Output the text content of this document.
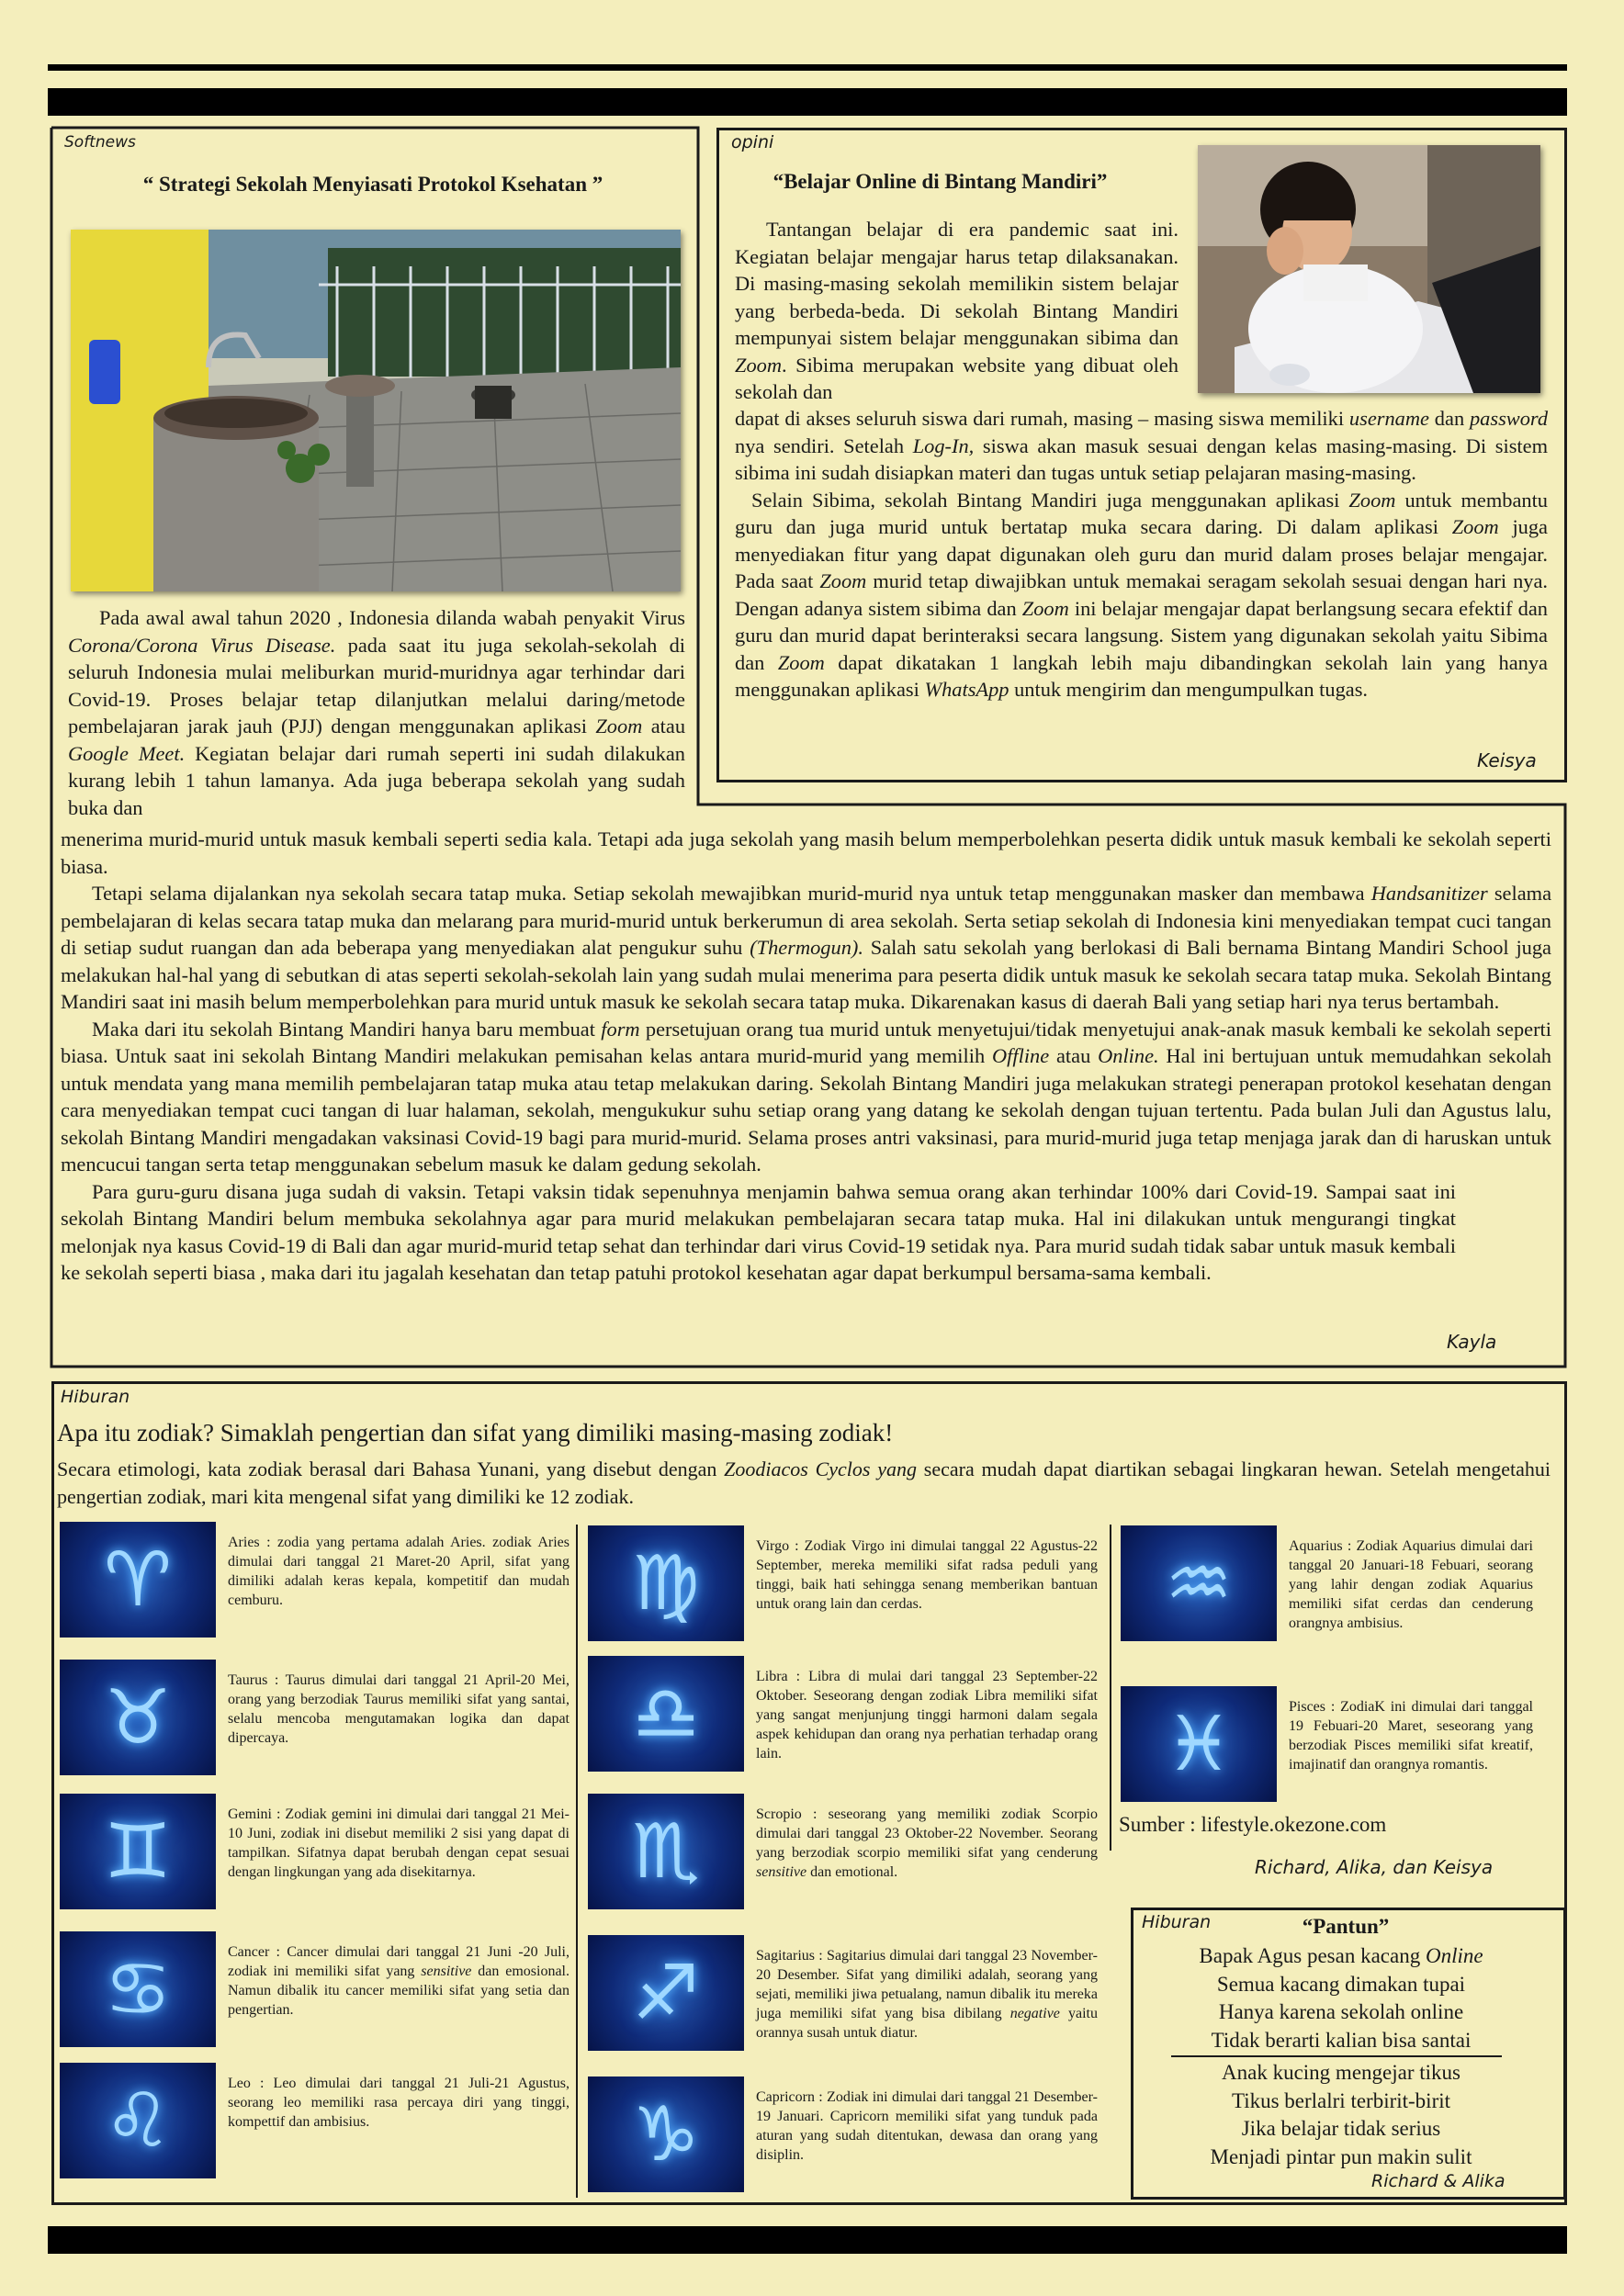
Softnews
“ Strategi Sekolah Menyiasati Protokol Ksehatan ”

Pada awal awal tahun 2020 , Indonesia dilanda wabah penyakit Virus Corona/Corona Virus Disease. pada saat itu juga sekolah-sekolah di seluruh Indonesia mulai meliburkan murid-muridnya agar terhindar dari Covid-19. Proses belajar tetap dilanjutkan melalui daring/metode pembelajaran jarak jauh (PJJ) dengan menggunakan aplikasi Zoom atau Google Meet. Kegiatan belajar dari rumah seperti ini sudah dilakukan kurang lebih 1 tahun lamanya. Ada juga beberapa sekolah yang sudah buka dan

menerima murid-murid untuk masuk kembali seperti sedia kala. Tetapi ada juga sekolah yang masih belum memperbolehkan peserta didik untuk masuk kembali ke sekolah seperti biasa.

Tetapi selama dijalankan nya sekolah secara tatap muka. Setiap sekolah mewajibkan murid-murid nya untuk tetap menggunakan masker dan membawa Handsanitizer selama pembelajaran di kelas secara tatap muka dan melarang para murid-murid untuk berkerumun di area sekolah. Serta setiap sekolah di Indonesia kini menyediakan tempat cuci tangan di setiap sudut ruangan dan ada beberapa yang menyediakan alat pengukur suhu (Thermogun). Salah satu sekolah yang berlokasi di Bali bernama Bintang Mandiri School juga melakukan hal-hal yang di sebutkan di atas seperti sekolah-sekolah lain yang sudah mulai menerima para peserta didik untuk masuk ke sekolah secara tatap muka. Sekolah Bintang Mandiri saat ini masih belum memperbolehkan para murid untuk masuk ke sekolah secara tatap muka. Dikarenakan kasus di daerah Bali yang setiap hari nya terus bertambah.

Maka dari itu sekolah Bintang Mandiri hanya baru membuat form persetujuan orang tua murid untuk menyetujui/tidak menyetujui anak-anak masuk kembali ke sekolah seperti biasa. Untuk saat ini sekolah Bintang Mandiri melakukan pemisahan kelas antara murid-murid yang memilih Offline atau Online. Hal ini bertujuan untuk memudahkan sekolah untuk mendata yang mana memilih pembelajaran tatap muka atau tetap melakukan daring. Sekolah Bintang Mandiri juga melakukan strategi penerapan protokol kesehatan dengan cara menyediakan tempat cuci tangan di luar halaman, sekolah, mengukukur suhu setiap orang yang datang ke sekolah dengan tujuan tertentu. Pada bulan Juli dan Agustus lalu, sekolah Bintang Mandiri mengadakan vaksinasi Covid-19 bagi para murid-murid. Selama proses antri vaksinasi, para murid-murid juga tetap menjaga jarak dan di haruskan untuk mencucui tangan serta tetap menggunakan sebelum masuk ke dalam gedung sekolah.

Para guru-guru disana juga sudah di vaksin. Tetapi vaksin tidak sepenuhnya menjamin bahwa semua orang akan terhindar 100% dari Covid-19. Sampai saat ini sekolah Bintang Mandiri belum membuka sekolahnya agar para murid melakukan pembelajaran secara tatap muka. Hal ini dilakukan untuk mengurangi tingkat melonjak nya kasus Covid-19 di Bali dan agar murid-murid tetap sehat dan terhindar dari virus Covid-19 setidak nya. Para murid sudah tidak sabar untuk masuk kembali ke sekolah seperti biasa , maka dari itu jagalah kesehatan dan tetap patuhi protokol kesehatan agar dapat berkumpul bersama-sama kembali.

Kayla
opini
“Belajar Online di Bintang Mandiri”

Tantangan belajar di era pandemic saat ini. Kegiatan belajar mengajar harus tetap dilaksanakan. Di masing-masing sekolah memilikin sistem belajar yang berbeda-beda. Di sekolah Bintang Mandiri mempunyai sistem belajar menggunakan sibima dan Zoom. Sibima merupakan website yang dibuat oleh sekolah dan

dapat di akses seluruh siswa dari rumah, masing – masing siswa memiliki username dan password nya sendiri. Setelah Log-In, siswa akan masuk sesuai dengan kelas masing-masing. Di sistem sibima ini sudah disiapkan materi dan tugas untuk setiap pelajaran masing-masing.

Selain Sibima, sekolah Bintang Mandiri juga menggunakan aplikasi Zoom untuk membantu guru dan juga murid untuk bertatap muka secara daring. Di dalam aplikasi Zoom juga menyediakan fitur yang dapat digunakan oleh guru dan murid dalam proses belajar mengajar. Pada saat Zoom murid tetap diwajibkan untuk memakai seragam sekolah sesuai dengan hari nya. Dengan adanya sistem sibima dan Zoom ini belajar mengajar dapat berlangsung secara efektif dan guru dan murid dapat berinteraksi secara langsung. Sistem yang digunakan sekolah yaitu Sibima dan Zoom dapat dikatakan 1 langkah lebih maju dibandingkan sekolah lain yang hanya menggunakan aplikasi WhatsApp untuk mengirim dan mengumpulkan tugas.

Keisya
Hiburan
Apa itu zodiak? Simaklah pengertian dan sifat yang dimiliki masing-masing zodiak!

Secara etimologi, kata zodiak berasal dari Bahasa Yunani, yang disebut dengan Zoodiacos Cyclos yang secara mudah dapat diartikan sebagai lingkaran hewan. Setelah mengetahui pengertian zodiak, mari kita mengenal sifat yang dimiliki ke 12 zodiak.

♈	Aries : zodia yang pertama adalah Aries. zodiak Aries dimulai dari tanggal 21 Maret-20 April, sifat yang dimiliki adalah keras kepala, kompetitif dan mudah cemburu.
♉	Taurus : Taurus dimulai dari tanggal 21 April-20 Mei, orang yang berzodiak Taurus memiliki sifat yang santai, selalu mencoba mengutamakan logika dan dapat dipercaya.
♊	Gemini : Zodiak gemini ini dimulai dari tanggal 21 Mei-10 Juni, zodiak ini disebut memiliki 2 sisi yang dapat di tampilkan. Sifatnya dapat berubah dengan cepat sesuai dengan lingkungan yang ada disekitarnya.
♋	Cancer : Cancer dimulai dari tanggal 21 Juni -20 Juli, zodiak ini memiliki sifat yang sensitive dan emosional. Namun dibalik itu cancer memiliki sifat yang setia dan pengertian.
♌	Leo : Leo dimulai dari tanggal 21 Juli-21 Agustus, seorang leo memiliki rasa percaya diri yang tinggi, kompettif dan ambisius.
♍	Virgo : Zodiak Virgo ini dimulai tanggal 22 Agustus-22 September, mereka memiliki sifat radsa peduli yang tinggi, baik hati sehingga senang memberikan bantuan untuk orang lain dan cerdas.
♎	Libra : Libra di mulai dari tanggal 23 September-22 Oktober. Seseorang dengan zodiak Libra memiliki sifat yang sangat menjunjung tinggi harmoni dalam segala aspek kehidupan dan orang nya perhatian terhadap orang lain.
♏	Scropio : seseorang yang memiliki zodiak Scorpio dimulai dari tanggal 23 Oktober-22 November. Seorang yang berzodiak scorpio memiliki sifat yang cenderung sensitive dan emotional.
♐	Sagitarius : Sagitarius dimulai dari tanggal 23 November-20 Desember. Sifat yang dimiliki adalah, seorang yang sejati, memiliki jiwa petualang, namun dibalik itu mereka juga memiliki sifat yang bisa dibilang negative yaitu orannya susah untuk diatur.
♑	Capricorn : Zodiak ini dimulai dari tanggal 21 Desember-19 Januari. Capricorn memiliki sifat yang tunduk pada aturan yang sudah ditentukan, dewasa dan orang yang disiplin.
♒	Aquarius : Zodiak Aquarius dimulai dari tanggal 20 Januari-18 Febuari, seorang yang lahir dengan zodiak Aquarius memiliki sifat cerdas dan cenderung orangnya ambisius.
♓	Pisces : ZodiaK ini dimulai dari tanggal 19 Febuari-20 Maret, seseorang yang berzodiak Pisces memiliki sifat kreatif, imajinatif dan orangnya romantis.
Sumber : lifestyle.okezone.com
Richard, Alika, dan Keisya
Hiburan	“Pantun”
Bapak Agus pesan kacang Online
Semua kacang dimakan tupai
Hanya karena sekolah online
Tidak berarti kalian bisa santai
Anak kucing mengejar tikus
Tikus berlalri terbirit-birit
Jika belajar tidak serius
Menjadi pintar pun makin sulit
Richard & Alika
